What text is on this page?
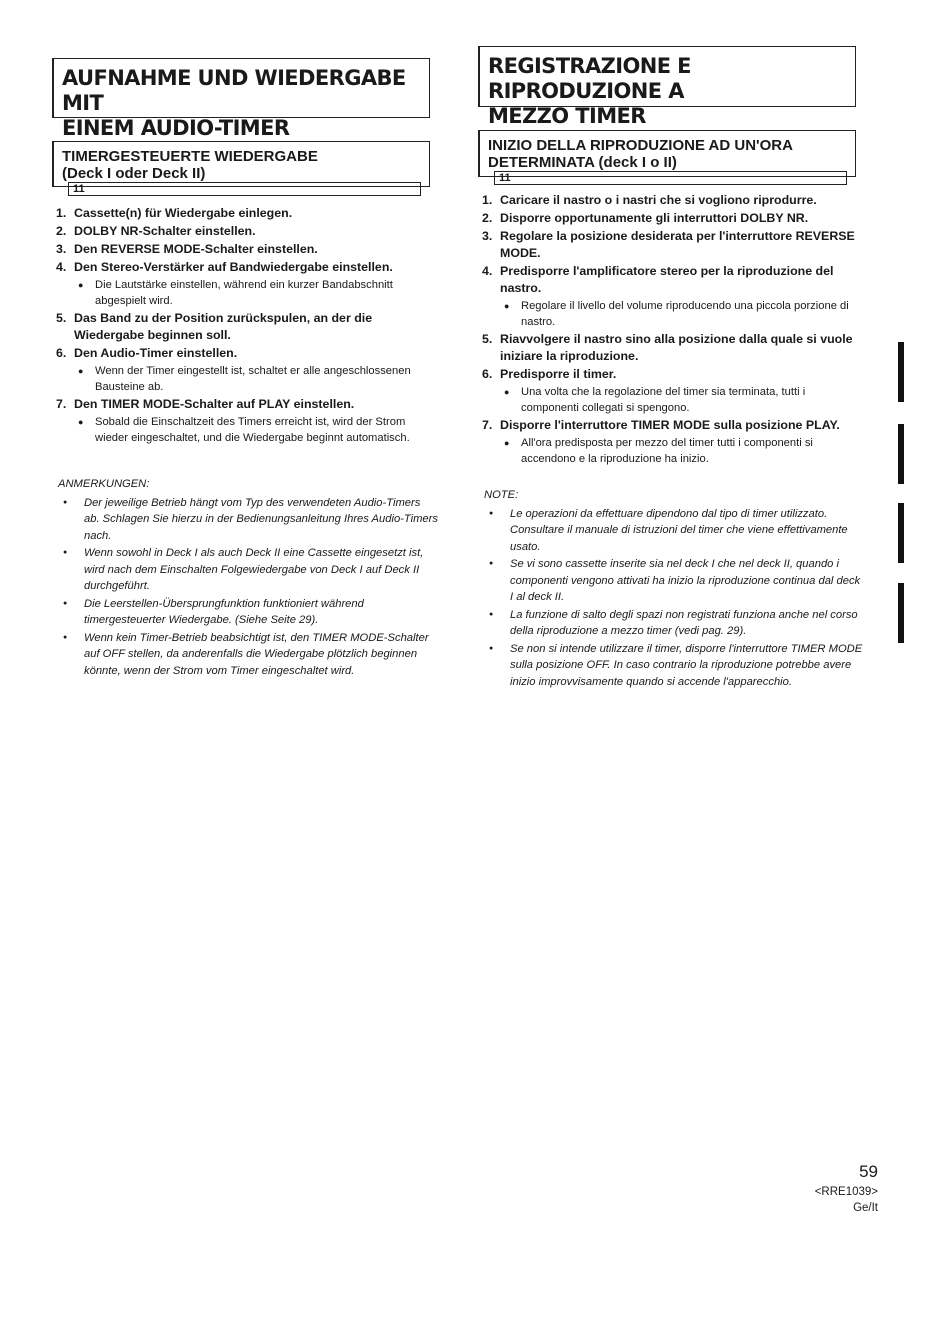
AUFNAHME UND WIEDERGABE MIT
EINEM AUDIO-TIMER
TIMERGESTEUERTE WIEDERGABE
(Deck I oder Deck II)
11
1. Cassette(n) für Wiedergabe einlegen.
2. DOLBY NR-Schalter einstellen.
3. Den REVERSE MODE-Schalter einstellen.
4. Den Stereo-Verstärker auf Bandwiedergabe einstellen.
● Die Lautstärke einstellen, während ein kurzer Bandabschnitt abgespielt wird.
5. Das Band zu der Position zurückspulen, an der die Wiedergabe beginnen soll.
6. Den Audio-Timer einstellen.
● Wenn der Timer eingestellt ist, schaltet er alle angeschlossenen Bausteine ab.
7. Den TIMER MODE-Schalter auf PLAY einstellen.
● Sobald die Einschaltzeit des Timers erreicht ist, wird der Strom wieder eingeschaltet, und die Wiedergabe beginnt automatisch.
ANMERKUNGEN:
● Der jeweilige Betrieb hängt vom Typ des verwendeten Audio-Timers ab. Schlagen Sie hierzu in der Bedienungsanleitung Ihres Audio-Timers nach.
● Wenn sowohl in Deck I als auch Deck II eine Cassette eingesetzt ist, wird nach dem Einschalten Folgewiedergabe von Deck I auf Deck II durchgeführt.
● Die Leerstellen-Übersprungfunktion funktioniert während timergesteuerter Wiedergabe. (Siehe Seite 29).
● Wenn kein Timer-Betrieb beabsichtigt ist, den TIMER MODE-Schalter auf OFF stellen, da anderenfalls die Wiedergabe plötzlich beginnen könnte, wenn der Strom vom Timer eingeschaltet wird.
REGISTRAZIONE E RIPRODUZIONE A
MEZZO TIMER
INIZIO DELLA RIPRODUZIONE AD UN'ORA
DETERMINATA (deck I o II)
11
1. Caricare il nastro o i nastri che si vogliono riprodurre.
2. Disporre opportunamente gli interruttori DOLBY NR.
3. Regolare la posizione desiderata per l'interruttore REVERSE MODE.
4. Predisporre l'amplificatore stereo per la riproduzione del nastro.
● Regolare il livello del volume riproducendo una piccola porzione di nastro.
5. Riavvolgere il nastro sino alla posizione dalla quale si vuole iniziare la riproduzione.
6. Predisporre il timer.
● Una volta che la regolazione del timer sia terminata, tutti i componenti collegati si spengono.
7. Disporre l'interruttore TIMER MODE sulla posizione PLAY.
● All'ora predisposta per mezzo del timer tutti i componenti si accendono e la riproduzione ha inizio.
NOTE:
● Le operazioni da effettuare dipendono dal tipo di timer utilizzato. Consultare il manuale di istruzioni del timer che viene effettivamente usato.
● Se vi sono cassette inserite sia nel deck I che nel deck II, quando i componenti vengono attivati ha inizio la riproduzione continua dal deck I al deck II.
● La funzione di salto degli spazi non registrati funziona anche nel corso della riproduzione a mezzo timer (vedi pag. 29).
● Se non si intende utilizzare il timer, disporre l'interruttore TIMER MODE sulla posizione OFF. In caso contrario la riproduzione potrebbe avere inizio improvvisamente quando si accende l'apparecchio.
59
<RRE1039>
Ge/It
